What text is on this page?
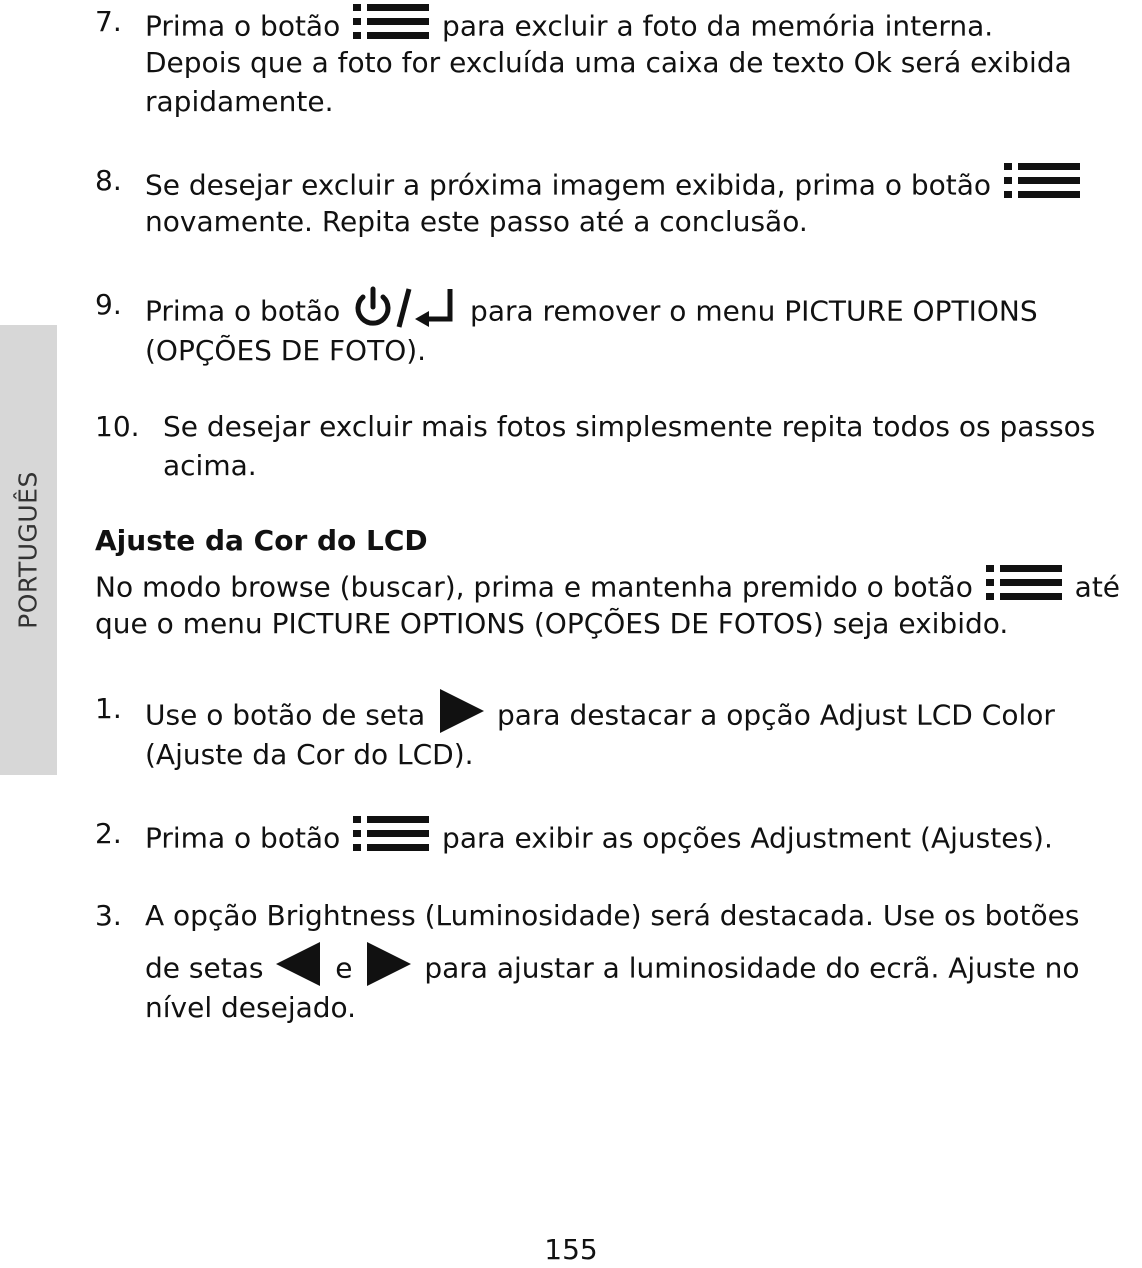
PORTUGUÊS
7. Prima o botão	para excluir a foto da memória interna.
Depois que a foto for excluída uma caixa de texto Ok será exibida
rapidamente.
8. Se desejar excluir a próxima imagem exibida, prima o botão
novamente. Repita este passo até a conclusão.
9. Prima o botão	para remover o menu PICTURE OPTIONS
(OPÇÕES DE FOTO).
10. Se desejar excluir mais fotos simplesmente repita todos os passos
acima.
Ajuste da Cor do LCD
No modo browse (buscar), prima e mantenha premido o botão	até
que o menu PICTURE OPTIONS (OPÇÕES DE FOTOS) seja exibido.
1. Use o botão de seta	para destacar a opção Adjust LCD Color
(Ajuste da Cor do LCD).
2. Prima o botão	para exibir as opções Adjustment (Ajustes).
3. A opção Brightness (Luminosidade) será destacada. Use os botões
de setas	e	para ajustar a luminosidade do ecrã. Ajuste no
nível desejado.
155
